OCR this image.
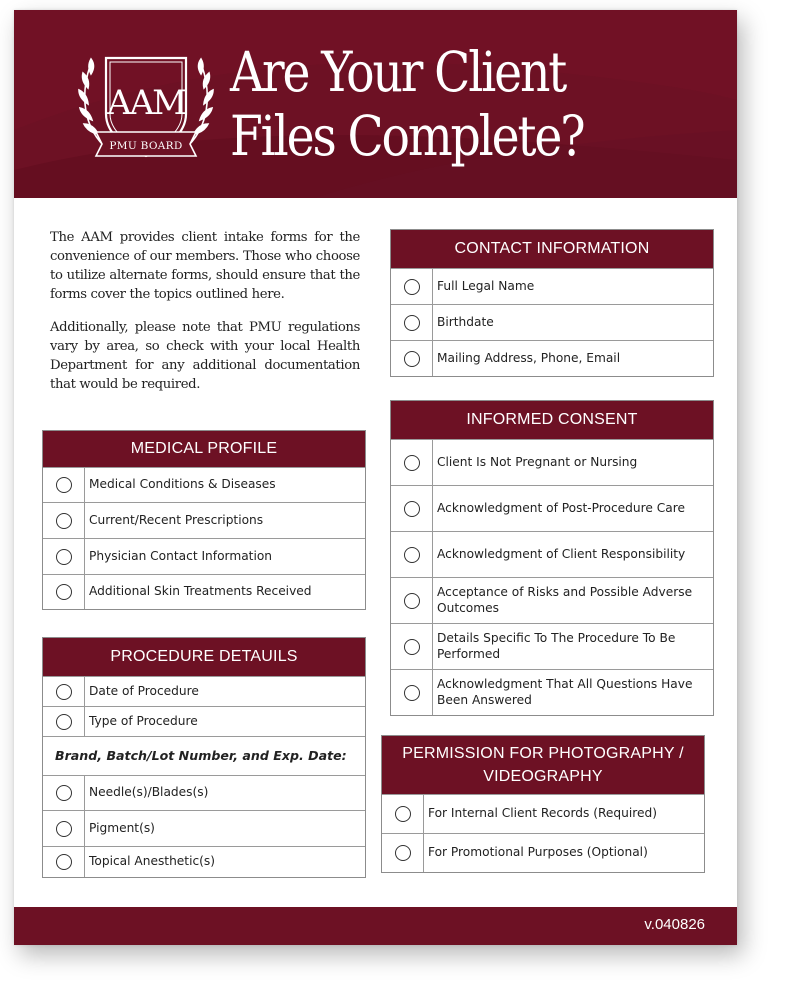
AAM
PMU BOARD
Are Your Client
Files Complete?

The AAM provides client intake forms for the convenience of our members. Those who choose to utilize alternate forms, should ensure that the forms cover the topics outlined here.

Additionally, please note that PMU regulations vary by area, so check with your local Health Department for any additional documentation that would be required.

MEDICAL PROFILE
Medical Conditions & Diseases
Current/Recent Prescriptions
Physician Contact Information
Additional Skin Treatments Received
PROCEDURE DETAUILS
Date of Procedure
Type of Procedure
Brand, Batch/Lot Number, and Exp. Date:
Needle(s)/Blades(s)
Pigment(s)
Topical Anesthetic(s)
CONTACT INFORMATION
Full Legal Name
Birthdate
Mailing Address, Phone, Email
INFORMED CONSENT
Client Is Not Pregnant or Nursing
Acknowledgment of Post-Procedure Care
Acknowledgment of Client Responsibility
Acceptance of Risks and Possible Adverse Outcomes
Details Specific To The Procedure To Be Performed
Acknowledgment That All Questions Have Been Answered
PERMISSION FOR PHOTOGRAPHY /
VIDEOGRAPHY
For Internal Client Records (Required)
For Promotional Purposes (Optional)
v.040826
